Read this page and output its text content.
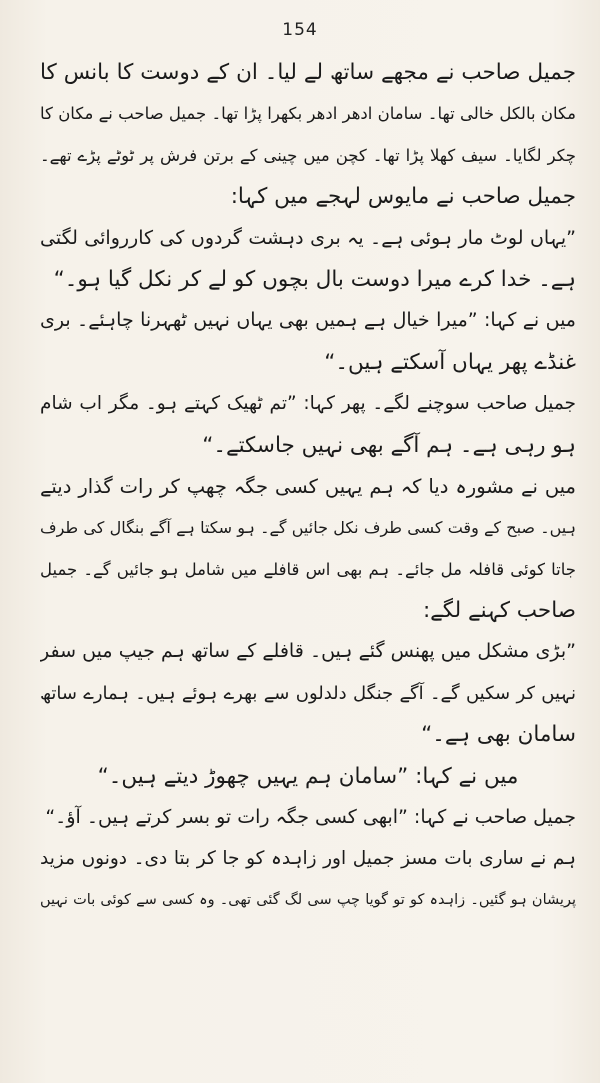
154
جمیل صاحب نے مجھے ساتھ لے لیا۔ ان کے دوست کا بانس کا
مکان بالکل خالی تھا۔ سامان ادھر ادھر بکھرا پڑا تھا۔ جمیل صاحب نے مکان کا
چکر لگایا۔ سیف کھلا پڑا تھا۔ کچن میں چینی کے برتن فرش پر ٹوٹے پڑے تھے۔
جمیل صاحب نے مایوس لہجے میں کہا:
”یہاں لوٹ مار ہوئی ہے۔ یہ بری دہشت گردوں کی کارروائی لگتی
ہے۔ خدا کرے میرا دوست بال بچوں کو لے کر نکل گیا ہو۔“
میں نے کہا: ”میرا خیال ہے ہمیں بھی یہاں نہیں ٹھہرنا چاہئے۔ بری
غنڈے پھر یہاں آسکتے ہیں۔“
جمیل صاحب سوچنے لگے۔ پھر کہا: ”تم ٹھیک کہتے ہو۔ مگر اب شام
ہو رہی ہے۔ ہم آگے بھی نہیں جاسکتے۔“
میں نے مشورہ دیا کہ ہم یہیں کسی جگہ چھپ کر رات گذار دیتے
ہیں۔ صبح کے وقت کسی طرف نکل جائیں گے۔ ہو سکتا ہے آگے بنگال کی طرف
جاتا کوئی قافلہ مل جائے۔ ہم بھی اس قافلے میں شامل ہو جائیں گے۔ جمیل
صاحب کہنے لگے:
”بڑی مشکل میں پھنس گئے ہیں۔ قافلے کے ساتھ ہم جیپ میں سفر
نہیں کر سکیں گے۔ آگے جنگل دلدلوں سے بھرے ہوئے ہیں۔ ہمارے ساتھ
سامان بھی ہے۔“
میں نے کہا: ”سامان ہم یہیں چھوڑ دیتے ہیں۔“
جمیل صاحب نے کہا: ”ابھی کسی جگہ رات تو بسر کرتے ہیں۔ آؤ۔“
ہم نے ساری بات مسز جمیل اور زاہدہ کو جا کر بتا دی۔ دونوں مزید
پریشان ہو گئیں۔ زاہدہ کو تو گویا چپ سی لگ گئی تھی۔ وہ کسی سے کوئی بات نہیں
